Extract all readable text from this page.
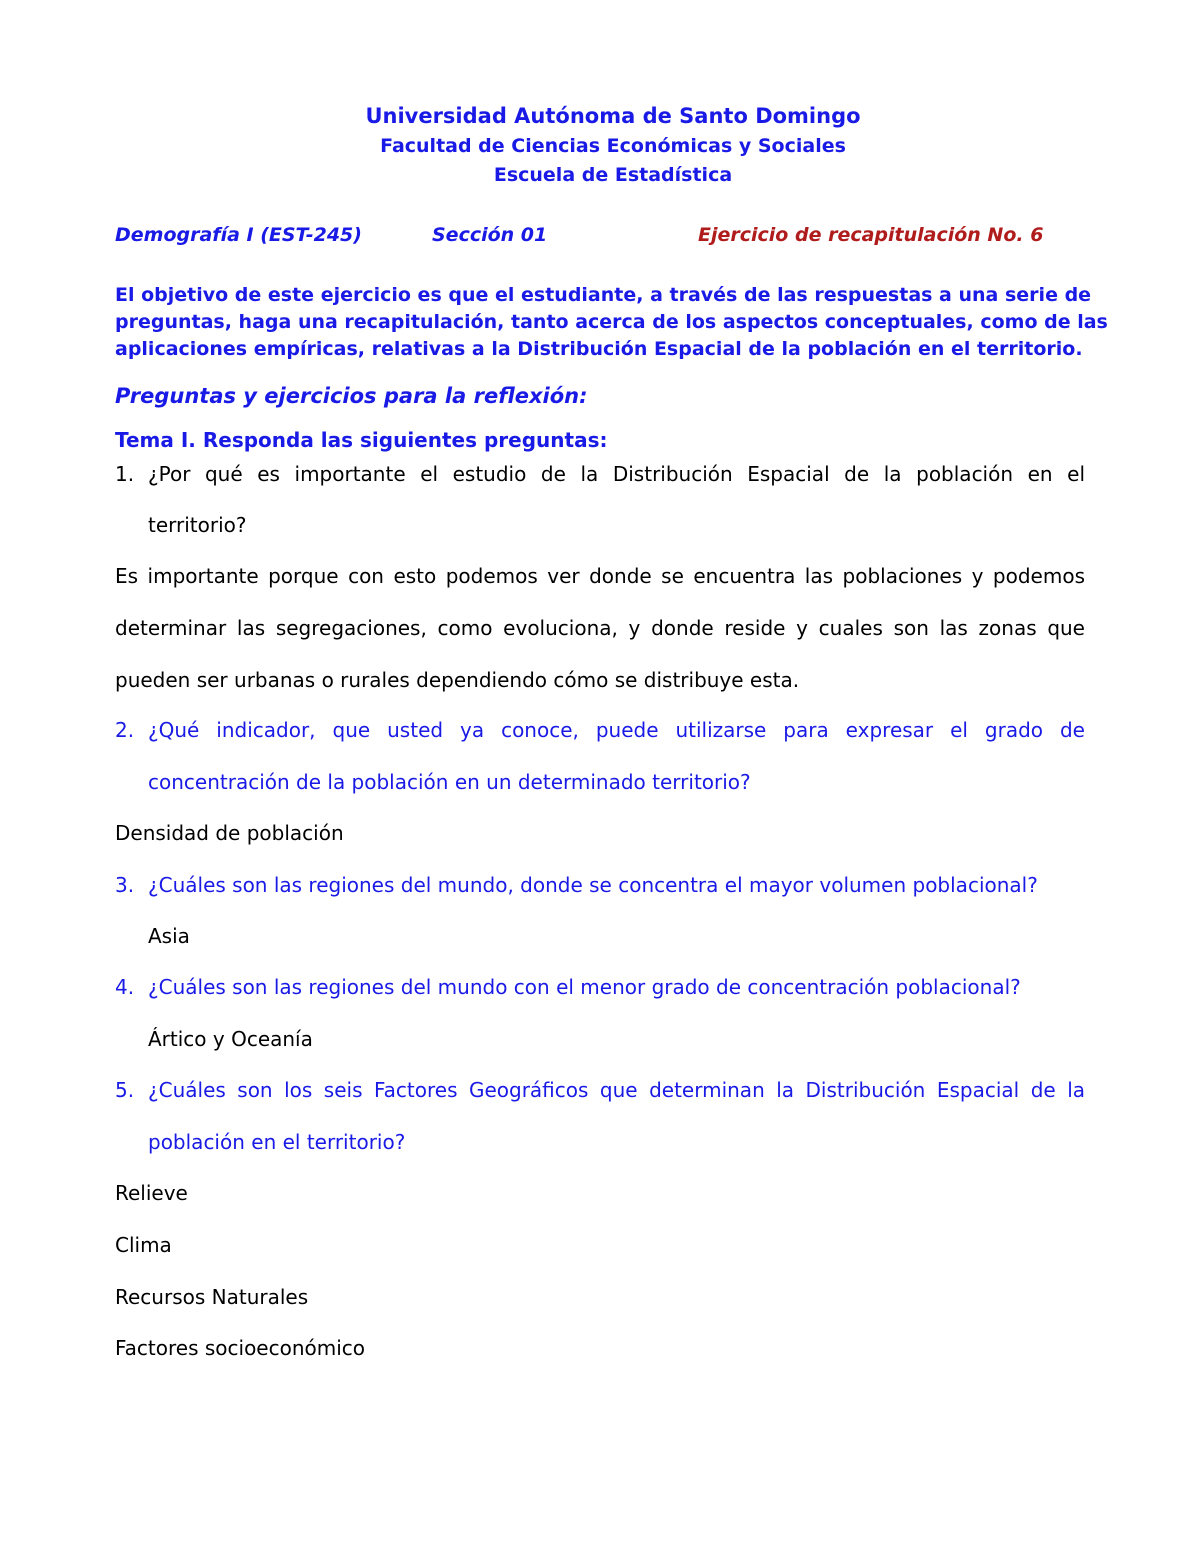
Universidad Autónoma de Santo Domingo
Facultad de Ciencias Económicas y Sociales
Escuela de Estadística
Demografía I (EST-245)	Sección 01	Ejercicio de recapitulación No. 6
El objetivo de este ejercicio es que el estudiante, a través de las respuestas a una serie de
preguntas, haga una recapitulación, tanto acerca de los aspectos conceptuales, como de las
aplicaciones empíricas, relativas a la Distribución Espacial de la población en el territorio.
Preguntas y ejercicios para la reflexión:
Tema I. Responda las siguientes preguntas:
1. ¿Por qué es importante el estudio de la Distribución Espacial de la población en el
territorio?
Es importante porque con esto podemos ver donde se encuentra las poblaciones y podemos
determinar las segregaciones, como evoluciona, y donde reside y cuales son las zonas que
pueden ser urbanas o rurales dependiendo cómo se distribuye esta.
2. ¿Qué indicador, que usted ya conoce, puede utilizarse para expresar el grado de
concentración de la población en un determinado territorio?
Densidad de población
3. ¿Cuáles son las regiones del mundo, donde se concentra el mayor volumen poblacional?
Asia
4. ¿Cuáles son las regiones del mundo con el menor grado de concentración poblacional?
Ártico y Oceanía
5. ¿Cuáles son los seis Factores Geográficos que determinan la Distribución Espacial de la
población en el territorio?
Relieve
Clima
Recursos Naturales
Factores socioeconómico
